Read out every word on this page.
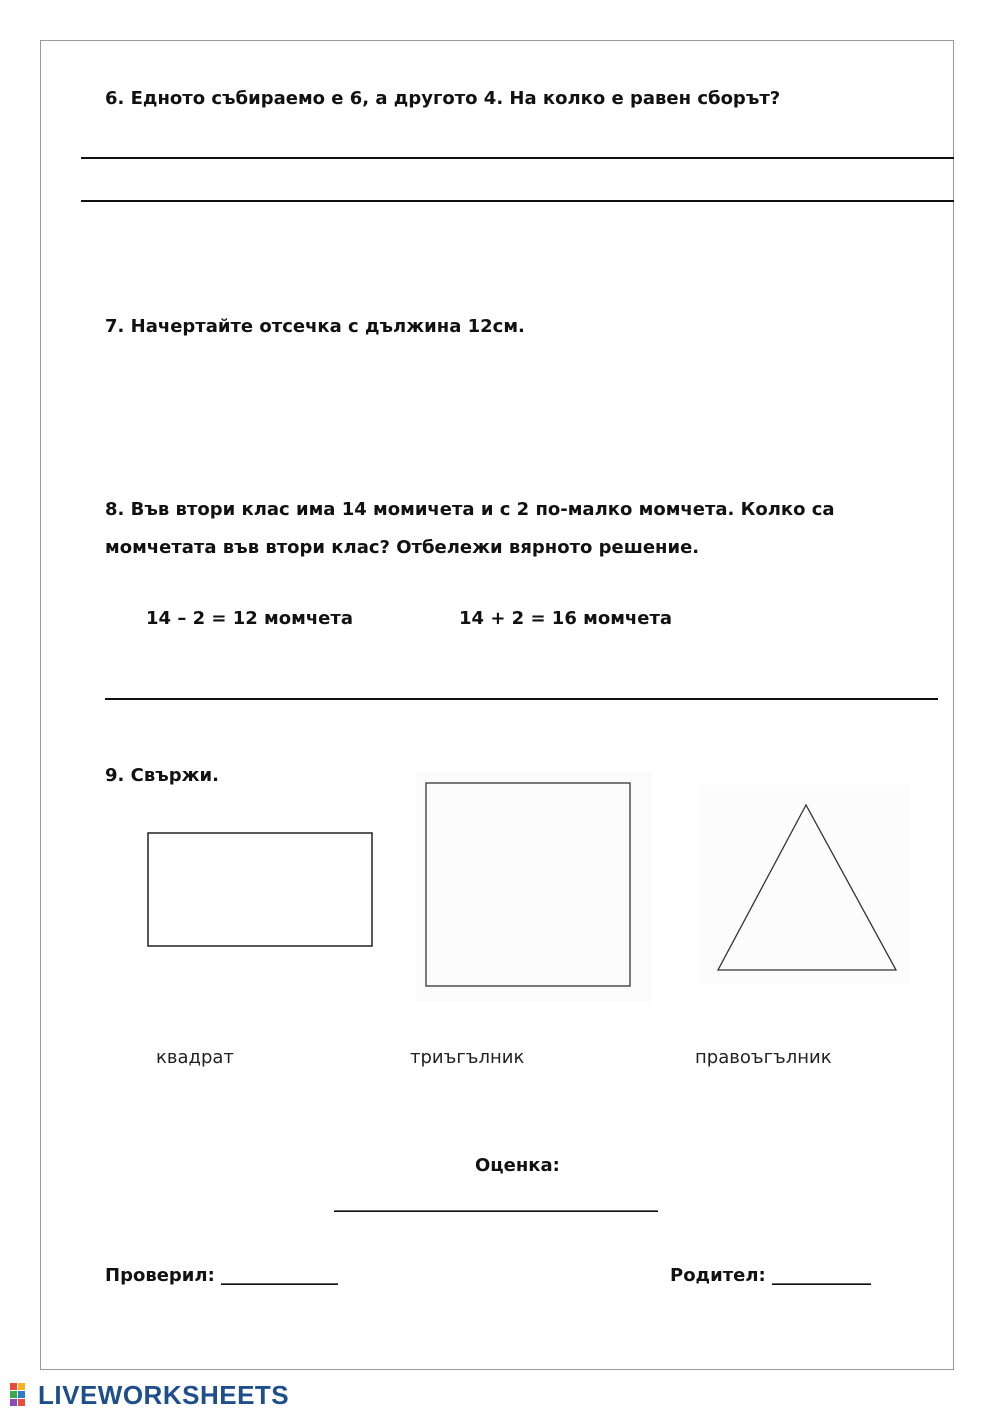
6. Едното събираемо е 6, а другото 4. На колко е равен сборът?
7. Начертайте отсечка с дължина 12см.
8. Във втори клас има 14 момичета и с 2 по-малко момчета. Колко са
момчетата във втори клас? Отбележи вярното решение.
14 – 2 = 12 момчета	14 + 2 = 16 момчета
9. Свържи.
квадрат	триъгълник	правоъгълник
Оценка:
____________________________________
Проверил: _____________	Родител: ___________
LIVEWORKSHEETS
